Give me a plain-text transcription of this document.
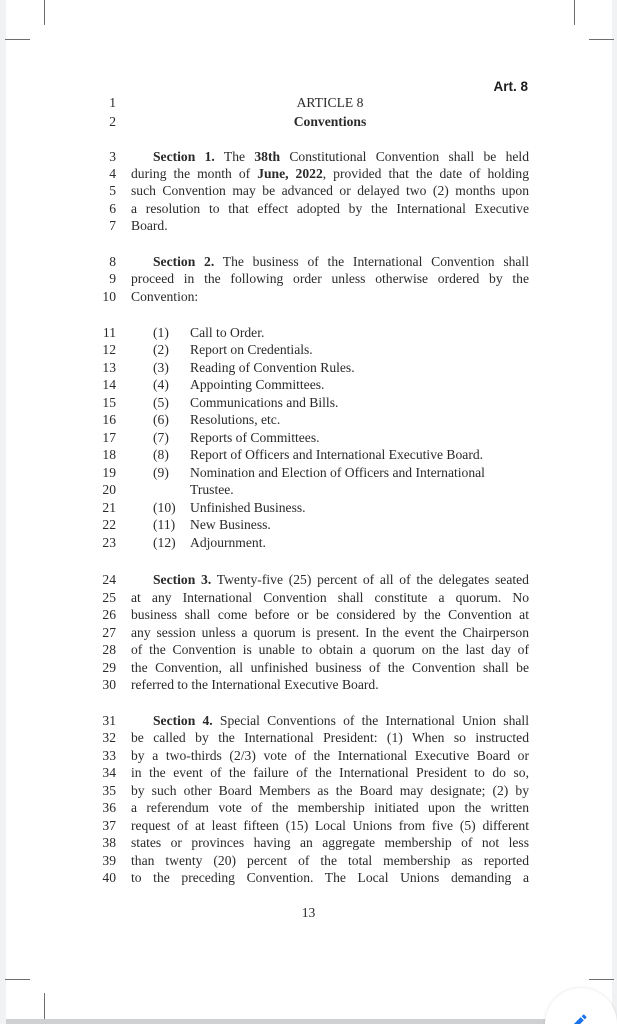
Art. 8
1	ARTICLE 8
2	Conventions
3	Section 1. The 38th Constitutional Convention shall be held
4 during the month of June, 2022, provided that the date of holding
5 such Convention may be advanced or delayed two (2) months upon
6 a resolution to that effect adopted by the International Executive
7 Board.
8	Section 2. The business of the International Convention shall
9 proceed in the following order unless otherwise ordered by the
10 Convention:
11	(1) Call to Order.
12	(2) Report on Credentials.
13	(3) Reading of Convention Rules.
14	(4) Appointing Committees.
15	(5) Communications and Bills.
16	(6) Resolutions, etc.
17	(7) Reports of Committees.
18	(8) Report of Officers and International Executive Board.
19	(9) Nomination and Election of Officers and International
20	Trustee.
21	(10) Unfinished Business.
22	(11) New Business.
23	(12) Adjournment.
24	Section 3. Twenty-five (25) percent of all of the delegates seated
25 at any International Convention shall constitute a quorum. No
26 business shall come before or be considered by the Convention at
27 any session unless a quorum is present. In the event the Chairperson
28 of the Convention is unable to obtain a quorum on the last day of
29 the Convention, all unfinished business of the Convention shall be
30 referred to the International Executive Board.
31	Section 4. Special Conventions of the International Union shall
32 be called by the International President: (1) When so instructed
33 by a two-thirds (2/3) vote of the International Executive Board or
34 in the event of the failure of the International President to do so,
35 by such other Board Members as the Board may designate; (2) by
36 a referendum vote of the membership initiated upon the written
37 request of at least fifteen (15) Local Unions from five (5) different
38 states or provinces having an aggregate membership of not less
39 than twenty (20) percent of the total membership as reported
40 to the preceding Convention. The Local Unions demanding a
13
